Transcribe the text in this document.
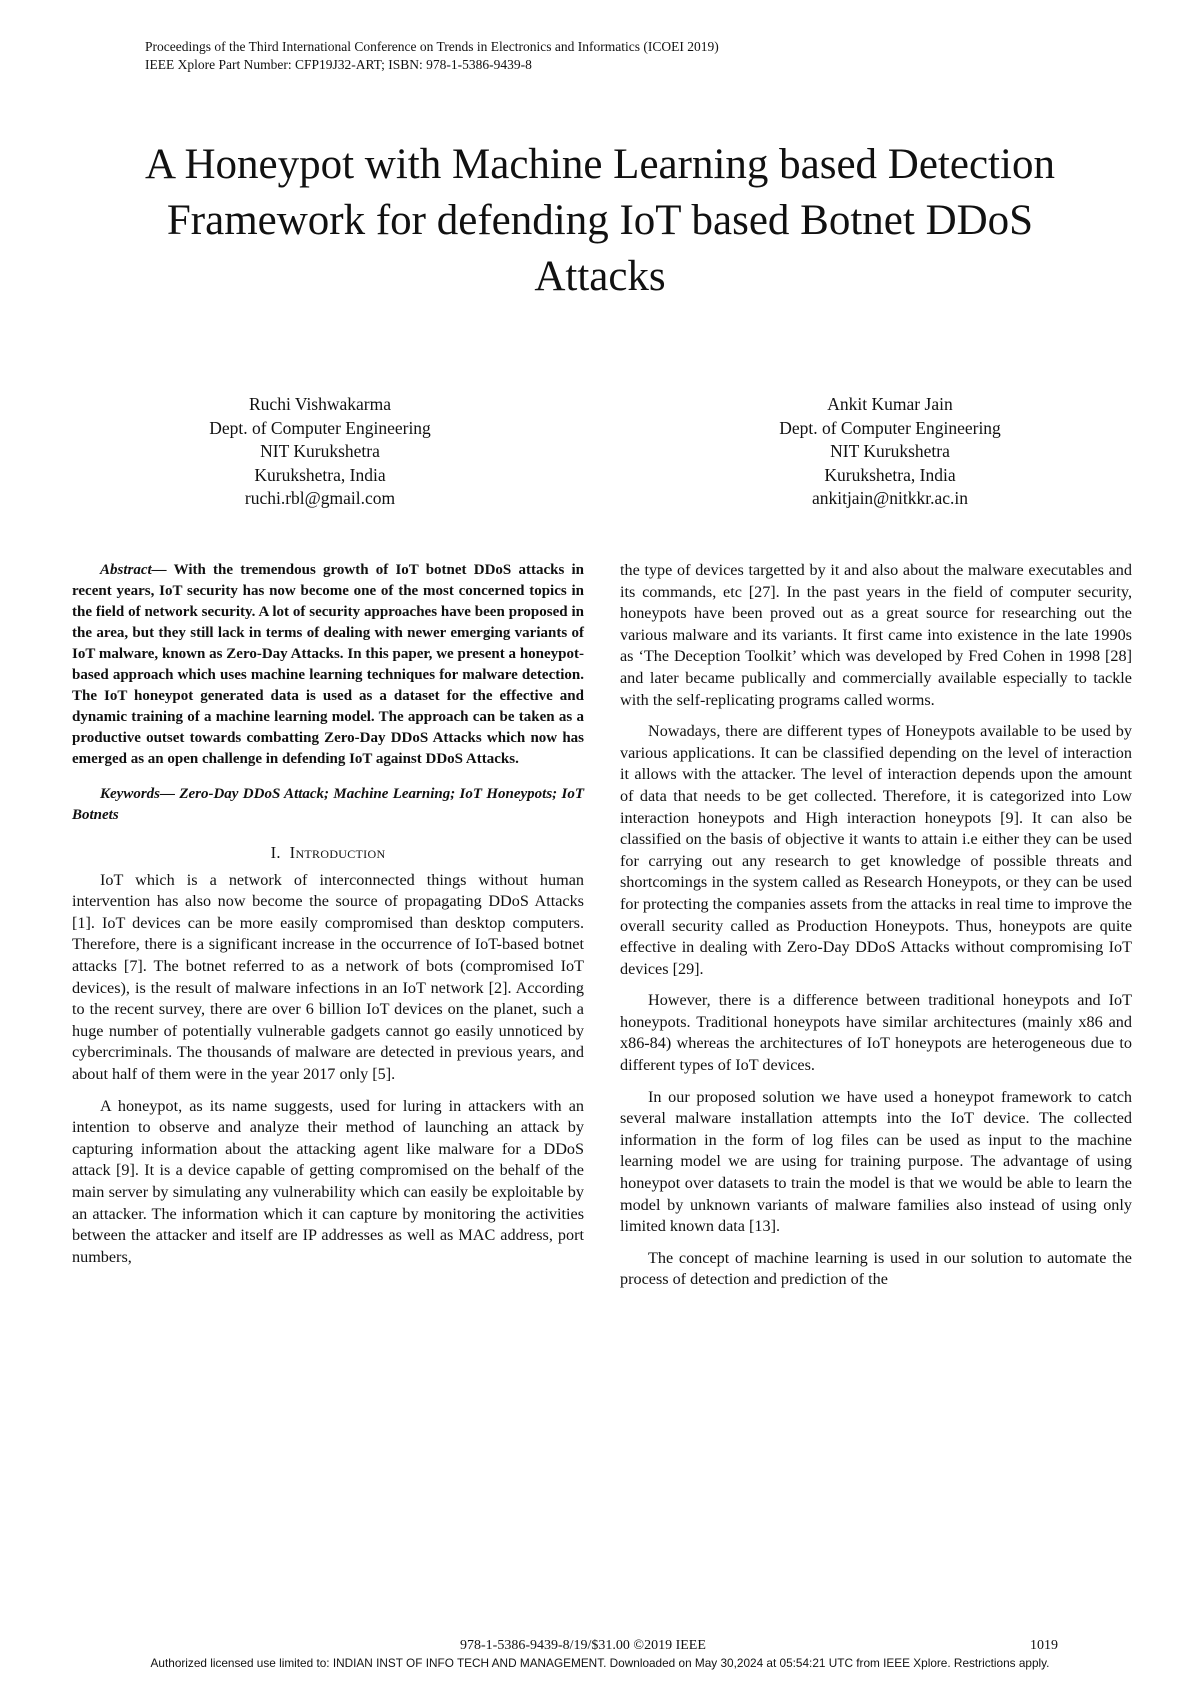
Proceedings of the Third International Conference on Trends in Electronics and Informatics (ICOEI 2019)
IEEE Xplore Part Number: CFP19J32-ART; ISBN: 978-1-5386-9439-8
A Honeypot with Machine Learning based Detection
Framework for defending IoT based Botnet DDoS
Attacks
Ruchi Vishwakarma
Dept. of Computer Engineering
NIT Kurukshetra
Kurukshetra, India
ruchi.rbl@gmail.com
Ankit Kumar Jain
Dept. of Computer Engineering
NIT Kurukshetra
Kurukshetra, India
ankitjain@nitkkr.ac.in

Abstract— With the tremendous growth of IoT botnet DDoS attacks in recent years, IoT security has now become one of the most concerned topics in the field of network security. A lot of security approaches have been proposed in the area, but they still lack in terms of dealing with newer emerging variants of IoT malware, known as Zero-Day Attacks. In this paper, we present a honeypot-based approach which uses machine learning techniques for malware detection. The IoT honeypot generated data is used as a dataset for the effective and dynamic training of a machine learning model. The approach can be taken as a productive outset towards combatting Zero-Day DDoS Attacks which now has emerged as an open challenge in defending IoT against DDoS Attacks.

Keywords— Zero-Day DDoS Attack; Machine Learning; IoT Honeypots; IoT Botnets

I. Introduction

IoT which is a network of interconnected things without human intervention has also now become the source of propagating DDoS Attacks [1]. IoT devices can be more easily compromised than desktop computers. Therefore, there is a significant increase in the occurrence of IoT-based botnet attacks [7]. The botnet referred to as a network of bots (compromised IoT devices), is the result of malware infections in an IoT network [2]. According to the recent survey, there are over 6 billion IoT devices on the planet, such a huge number of potentially vulnerable gadgets cannot go easily unnoticed by cybercriminals. The thousands of malware are detected in previous years, and about half of them were in the year 2017 only [5].

A honeypot, as its name suggests, used for luring in attackers with an intention to observe and analyze their method of launching an attack by capturing information about the attacking agent like malware for a DDoS attack [9]. It is a device capable of getting compromised on the behalf of the main server by simulating any vulnerability which can easily be exploitable by an attacker. The information which it can capture by monitoring the activities between the attacker and itself are IP addresses as well as MAC address, port numbers,

the type of devices targetted by it and also about the malware executables and its commands, etc [27]. In the past years in the field of computer security, honeypots have been proved out as a great source for researching out the various malware and its variants. It first came into existence in the late 1990s as ‘The Deception Toolkit’ which was developed by Fred Cohen in 1998 [28] and later became publically and commercially available especially to tackle with the self-replicating programs called worms.

Nowadays, there are different types of Honeypots available to be used by various applications. It can be classified depending on the level of interaction it allows with the attacker. The level of interaction depends upon the amount of data that needs to be get collected. Therefore, it is categorized into Low interaction honeypots and High interaction honeypots [9]. It can also be classified on the basis of objective it wants to attain i.e either they can be used for carrying out any research to get knowledge of possible threats and shortcomings in the system called as Research Honeypots, or they can be used for protecting the companies assets from the attacks in real time to improve the overall security called as Production Honeypots. Thus, honeypots are quite effective in dealing with Zero-Day DDoS Attacks without compromising IoT devices [29].

However, there is a difference between traditional honeypots and IoT honeypots. Traditional honeypots have similar architectures (mainly x86 and x86-84) whereas the architectures of IoT honeypots are heterogeneous due to different types of IoT devices.

In our proposed solution we have used a honeypot framework to catch several malware installation attempts into the IoT device. The collected information in the form of log files can be used as input to the machine learning model we are using for training purpose. The advantage of using honeypot over datasets to train the model is that we would be able to learn the model by unknown variants of malware families also instead of using only limited known data [13].

The concept of machine learning is used in our solution to automate the process of detection and prediction of the

978-1-5386-9439-8/19/$31.00 ©2019 IEEE	1019
Authorized licensed use limited to: INDIAN INST OF INFO TECH AND MANAGEMENT. Downloaded on May 30,2024 at 05:54:21 UTC from IEEE Xplore. Restrictions apply.
